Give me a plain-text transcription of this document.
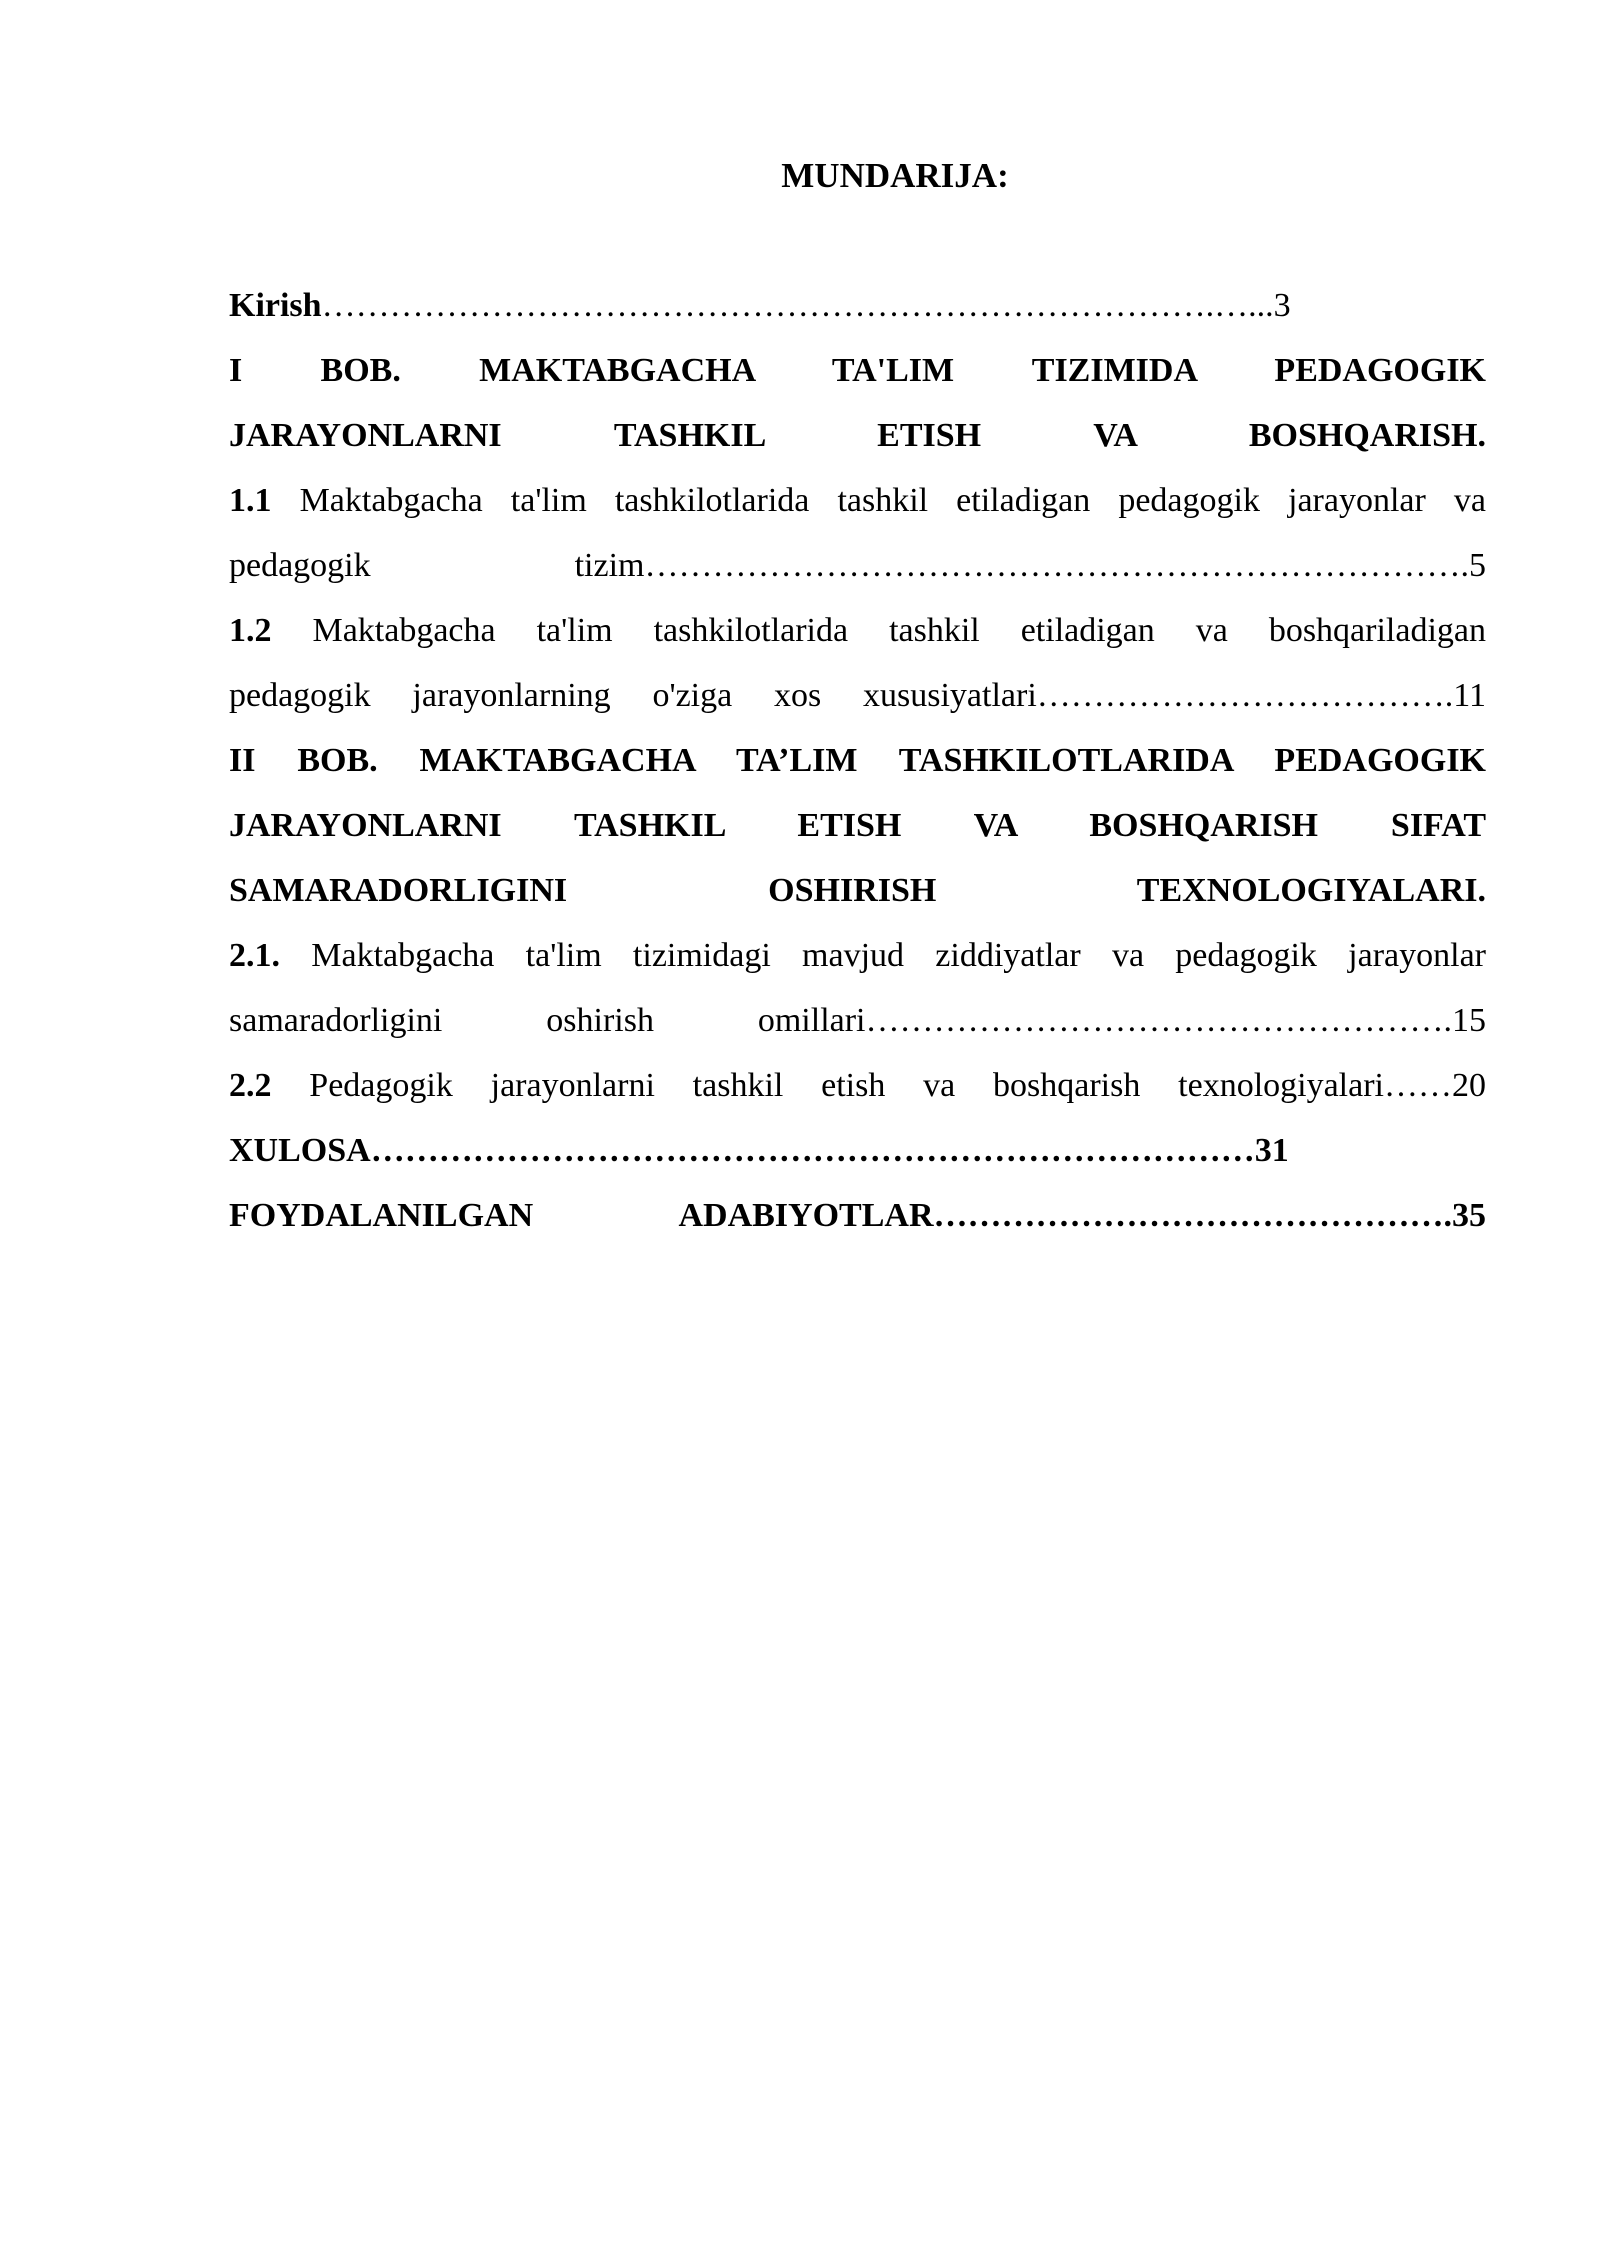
MUNDARIJA:
Kirish…………………………………………………………………….…...3
I BOB. MAKTABGACHA TA'LIM TIZIMIDA PEDAGOGIK
JARAYONLARNI TASHKIL ETISH VA BOSHQARISH.
1.1 Maktabgacha ta'lim tashkilotlarida tashkil etiladigan pedagogik jarayonlar va
pedagogik tizim……………………………………………………………….5
1.2 Maktabgacha ta'lim tashkilotlarida tashkil etiladigan va boshqariladigan
pedagogik jarayonlarning o'ziga xos xususiyatlari……………………………….11
II BOB. MAKTABGACHA TA’LIM TASHKILOTLARIDA PEDAGOGIK
JARAYONLARNI TASHKIL ETISH VA BOSHQARISH SIFAT
SAMARADORLIGINI OSHIRISH TEXNOLOGIYALARI.
2.1. Maktabgacha ta'lim tizimidagi mavjud ziddiyatlar va pedagogik jarayonlar
samaradorligini oshirish omillari…………………………………………….15
2.2 Pedagogik jarayonlarni tashkil etish va boshqarish texnologiyalari……20
XULOSA……………………………………………………………………31
FOYDALANILGAN ADABIYOTLAR……………………………………….35
